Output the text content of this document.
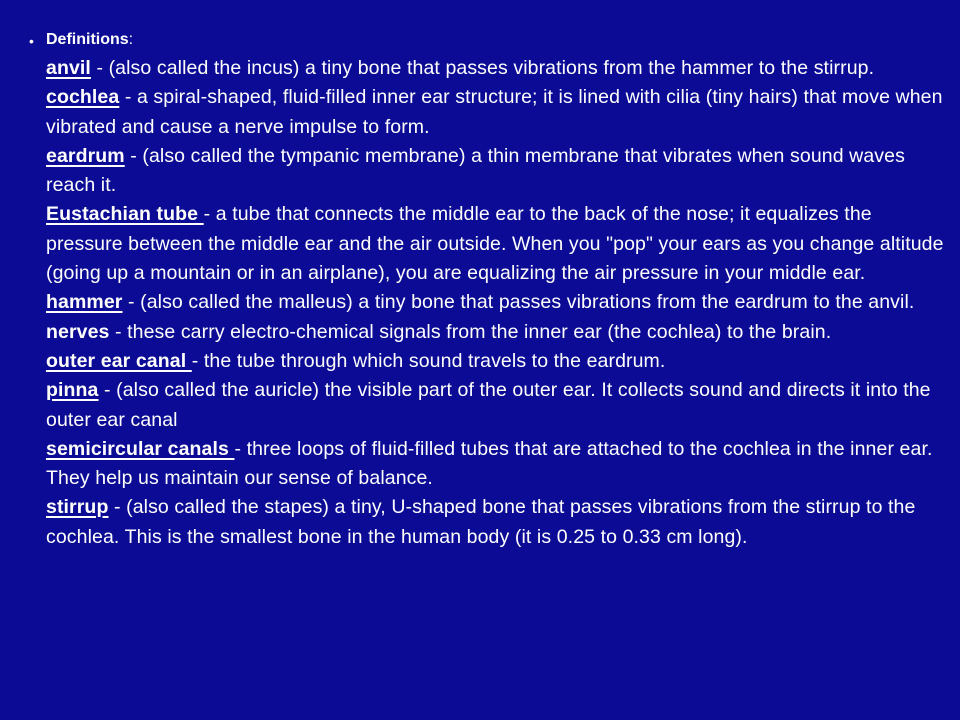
• Definitions:
anvil - (also called the incus) a tiny bone that passes vibrations from the hammer to the stirrup.
cochlea - a spiral-shaped, fluid-filled inner ear structure; it is lined with cilia (tiny hairs) that move when vibrated and cause a nerve impulse to form.
eardrum - (also called the tympanic membrane) a thin membrane that vibrates when sound waves reach it.
Eustachian tube - a tube that connects the middle ear to the back of the nose; it equalizes the pressure between the middle ear and the air outside. When you "pop" your ears as you change altitude (going up a mountain or in an airplane), you are equalizing the air pressure in your middle ear.
hammer - (also called the malleus) a tiny bone that passes vibrations from the eardrum to the anvil.
nerves - these carry electro-chemical signals from the inner ear (the cochlea) to the brain.
outer ear canal - the tube through which sound travels to the eardrum.
pinna - (also called the auricle) the visible part of the outer ear. It collects sound and directs it into the outer ear canal
semicircular canals - three loops of fluid-filled tubes that are attached to the cochlea in the inner ear. They help us maintain our sense of balance.
stirrup - (also called the stapes) a tiny, U-shaped bone that passes vibrations from the stirrup to the cochlea. This is the smallest bone in the human body (it is 0.25 to 0.33 cm long).
